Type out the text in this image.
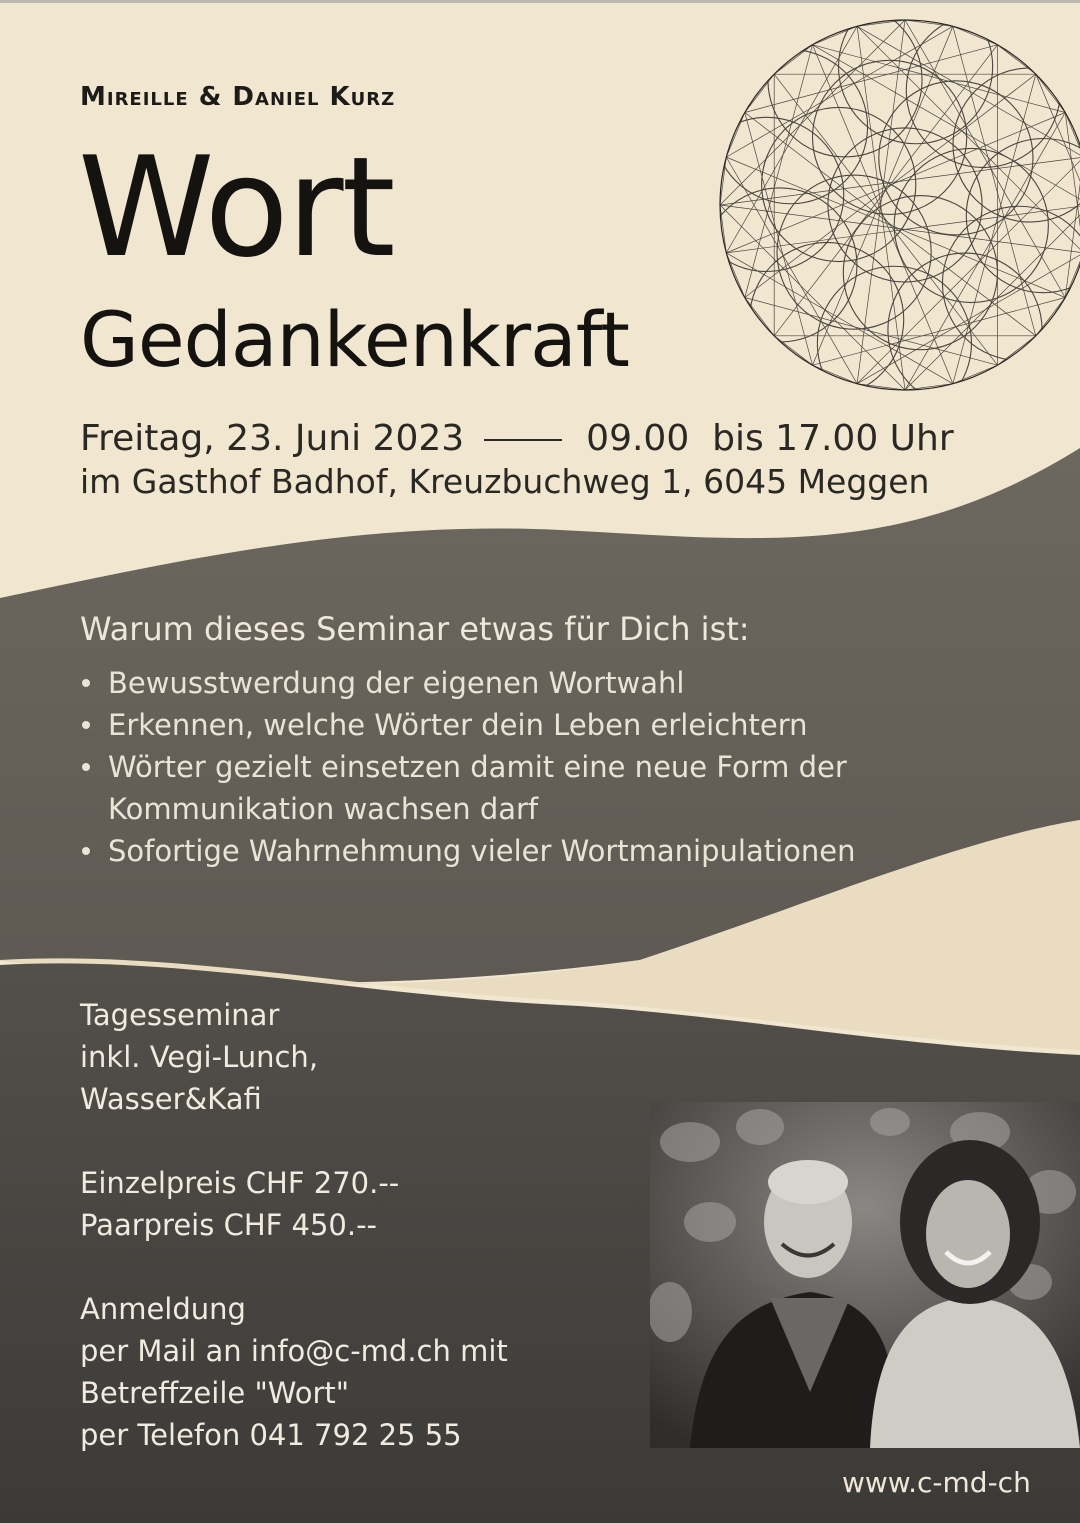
Mireille & Daniel Kurz
Wort
Gedankenkraft
Freitag, 23. Juni 2023	09.00  bis 17.00 Uhr
im Gasthof Badhof, Kreuzbuchweg 1, 6045 Meggen
Warum dieses Seminar etwas für Dich ist:
Bewusstwerdung der eigenen Wortwahl
Erkennen, welche Wörter dein Leben erleichtern
Wörter gezielt einsetzen damit eine neue Form der Kommunikation wachsen darf
Sofortige Wahrnehmung vieler Wortmanipulationen

Tagesseminar

inkl. Vegi-Lunch,

Wasser&Kafi

Einzelpreis CHF 270.--

Paarpreis CHF 450.--

Anmeldung

per Mail an info@c-md.ch mit

Betreffzeile "Wort"

per Telefon 041 792 25 55

www.c-md-ch
